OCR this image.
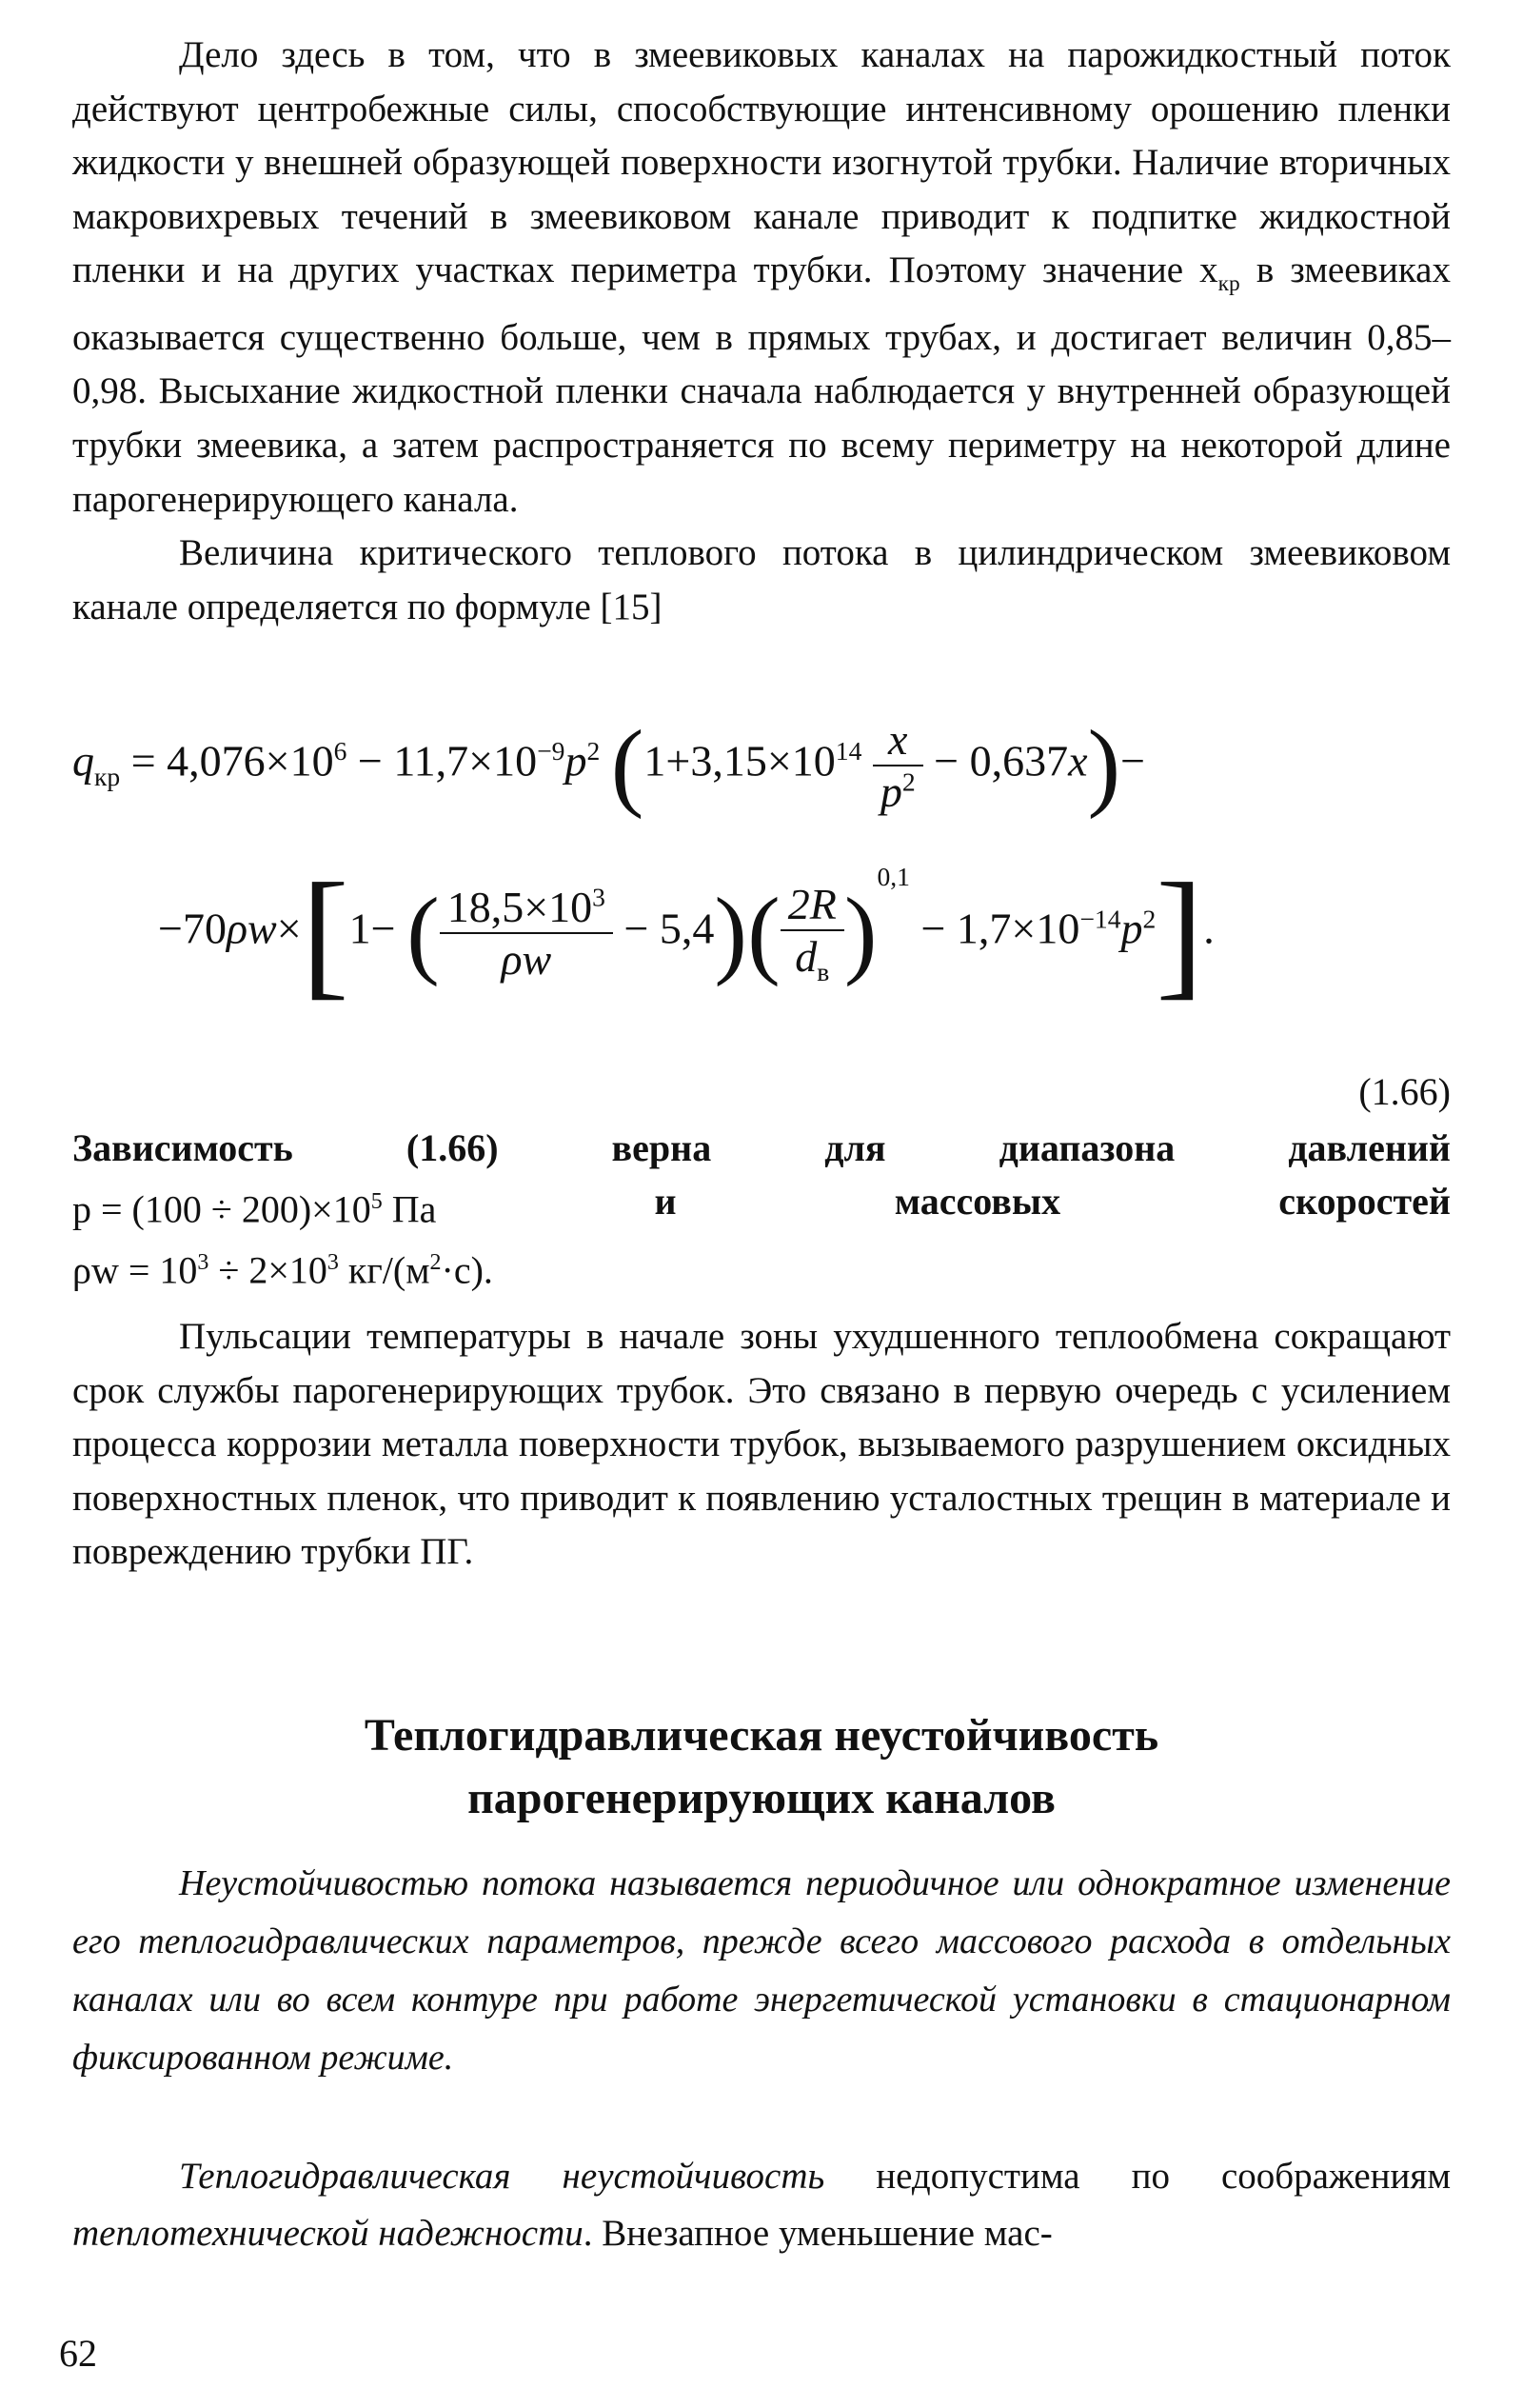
Дело здесь в том, что в змеевиковых каналах на парожидкостный поток действуют центробежные силы, способствующие интенсивному орошению пленки жидкости у внешней образующей поверхности изогнутой трубки. Наличие вторичных макровихревых течений в змеевиковом канале приводит к подпитке жидкостной пленки и на других участках периметра трубки. Поэтому значение $x_{кр}$ в змеевиках оказывается существенно больше, чем в прямых трубах, и достигает величин 0,85–0,98. Высыхание жидкостной пленки сначала наблюдается у внутренней образующей трубки змеевика, а затем распространяется по всему периметру на некоторой длине парогенерирующего канала.

Величина критического теплового потока в цилиндрическом змеевиковом канале определяется по формуле [15]

$q_{кр} = 4,076\times 10^6 - 11,7\times 10^{-9}p^2$ $(1+3,15\times 10^{14} \frac{x}{p^2} - 0,637x)-$
−70ρw×[1− ( $\frac{18,5\times 10^3}{\rho w} - 5,4)( \frac{2R}{d_в} )^{0,1} - 1,7\times 10^{-14}p^2$].
(1.66)
Зависимость	(1.66)	верна	для	диапазона	давлений
$p = (100 \div 200)\times 10^5$ Па	и	массовых	скоростей
$\rho w = 10^3 \div 2\times 10^3$ $кг/(м^2\cdot с)$.

Пульсации температуры в начале зоны ухудшенного теплообмена сокращают срок службы парогенерирующих трубок. Это связано в первую очередь с усилением процесса коррозии металла поверхности трубок, вызываемого разрушением оксидных поверхностных пленок, что приводит к появлению усталостных трещин в материале и повреждению трубки ПГ.

Теплогидравлическая неустойчивость
парогенерирующих каналов

Неустойчивостью потока называется периодичное или однократное изменение его теплогидравлических параметров, прежде всего массового расхода в отдельных каналах или во всем контуре при работе энергетической установки в стационарном фиксированном режиме.

Теплогидравлическая неустойчивость недопустима по соображениям теплотехнической надежности. Внезапное уменьшение мас-

62
